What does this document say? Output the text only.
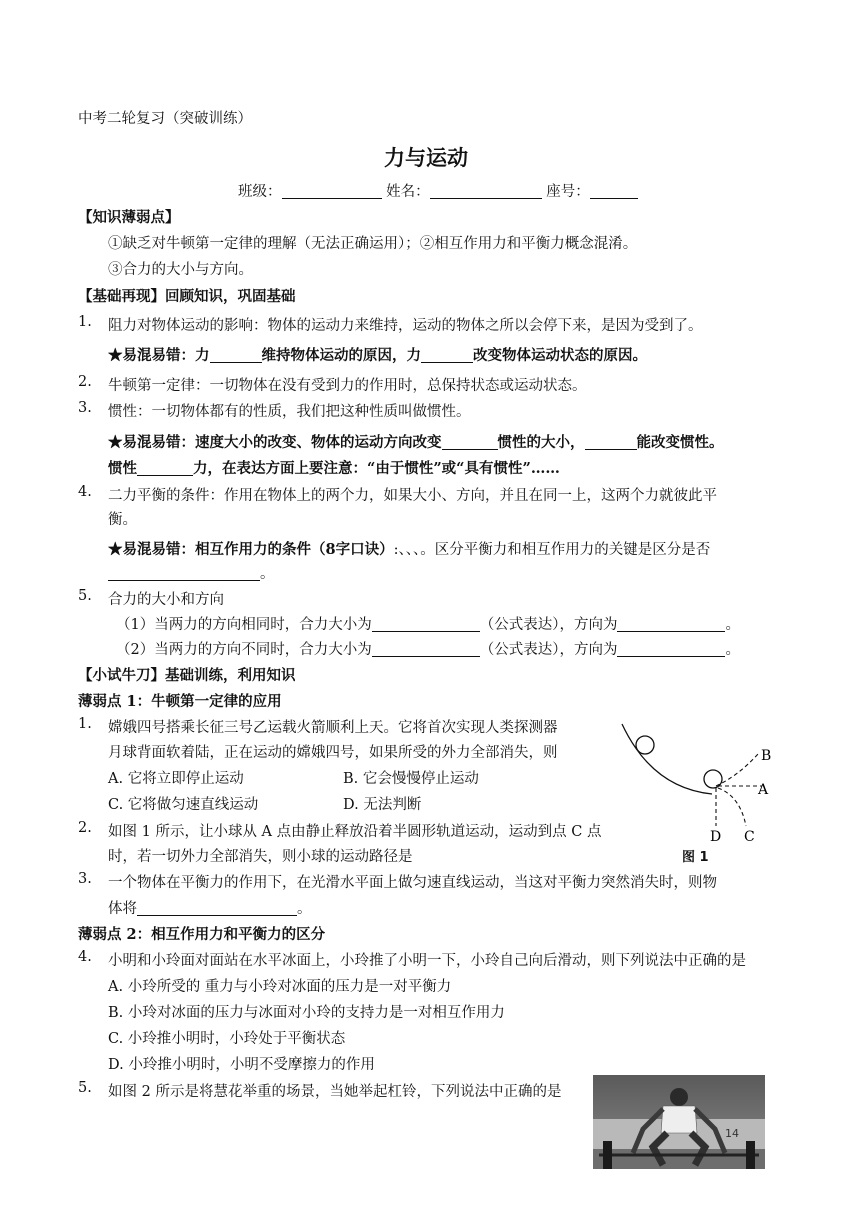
中考二轮复习（突破训练）
力与运动
班级：	姓名：	座号：
【知识薄弱点】
①缺乏对牛顿第一定律的理解（无法正确运用）；②相互作用力和平衡力概念混淆。
③合力的大小与方向。
【基础再现】回顾知识，巩固基础
1. 阻力对物体运动的影响：物体的运动力来维持，运动的物体之所以会停下来，是因为受到了。
★易混易错：力	维持物体运动的原因，力	改变物体运动状态的原因。
2. 牛顿第一定律：一切物体在没有受到力的作用时，总保持状态或运动状态。
3. 惯性：一切物体都有的性质，我们把这种性质叫做惯性。
★易混易错：速度大小的改变、物体的运动方向改变	惯性的大小，	能改变惯性。
惯性	力，在表达方面上要注意：“由于惯性”或“具有惯性”……
4. 二力平衡的条件：作用在物体上的两个力，如果大小、方向，并且在同一上，这两个力就彼此平
衡。
★易混易错：相互作用力的条件（8字口诀）:、、、。区分平衡力和相互作用力的关键是区分是否
。
5. 合力的大小和方向
（1）当两力的方向相同时，合力大小为	（公式表达），方向为	。
（2）当两力的方向不同时，合力大小为	（公式表达），方向为	。
【小试牛刀】基础训练，利用知识
薄弱点 1：牛顿第一定律的应用
1. 嫦娥四号搭乘长征三号乙运载火箭顺利上天。它将首次实现人类探测器
月球背面软着陆，正在运动的嫦娥四号，如果所受的外力全部消失，则
A. 它将立即停止运动	B. 它会慢慢停止运动
C. 它将做匀速直线运动	D. 无法判断
2. 如图 1 所示，让小球从 A 点由静止释放沿着半圆形轨道运动，运动到点 C 点
时，若一切外力全部消失，则小球的运动路径是
3. 一个物体在平衡力的作用下，在光滑水平面上做匀速直线运动，当这对平衡力突然消失时，则物
体将	。
薄弱点 2：相互作用力和平衡力的区分
4. 小明和小玲面对面站在水平冰面上，小玲推了小明一下，小玲自己向后滑动，则下列说法中正确的是
A. 小玲所受的 重力与小玲对冰面的压力是一对平衡力
B. 小玲对冰面的压力与冰面对小玲的支持力是一对相互作用力
C. 小玲推小明时，小玲处于平衡状态
D. 小玲推小明时，小明不受摩擦力的作用
5. 如图 2 所示是将慧花举重的场景，当她举起杠铃，下列说法中正确的是
B
A
C
D
图 1
14
